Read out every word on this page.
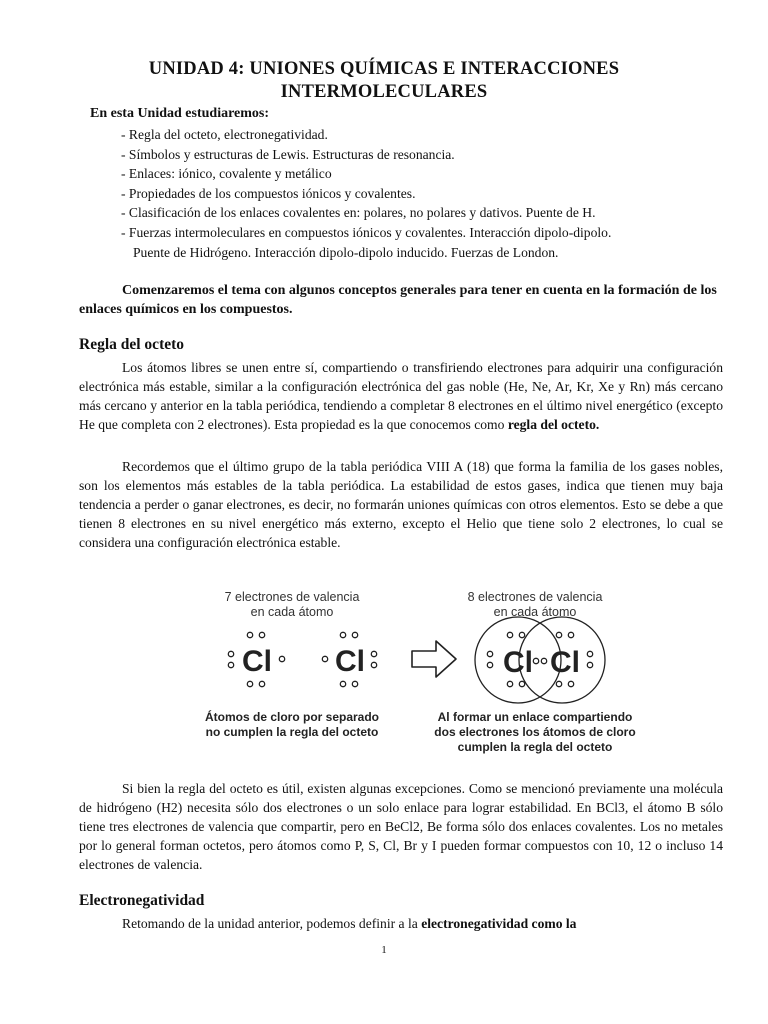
UNIDAD 4: UNIONES QUÍMICAS E INTERACCIONES
INTERMOLECULARES
En esta Unidad estudiaremos:
- Regla del octeto, electronegatividad.
- Símbolos y estructuras de Lewis. Estructuras de resonancia.
- Enlaces: iónico, covalente y metálico
- Propiedades de los compuestos iónicos y covalentes.
- Clasificación de los enlaces covalentes en: polares, no polares y dativos. Puente de H.
- Fuerzas intermoleculares en compuestos iónicos y covalentes. Interacción dipolo-dipolo.
Puente de Hidrógeno. Interacción dipolo-dipolo inducido. Fuerzas de London.
Comenzaremos el tema con algunos conceptos generales para tener en cuenta en la formación de los enlaces químicos en los compuestos.
Regla del octeto
Los átomos libres se unen entre sí, compartiendo o transfiriendo electrones para adquirir una configuración electrónica más estable, similar a la configuración electrónica del gas noble (He, Ne, Ar, Kr, Xe y Rn) más cercano más cercano y anterior en la tabla periódica, tendiendo a completar 8 electrones en el último nivel energético (excepto He que completa con 2 electrones). Esta propiedad es la que conocemos como regla del octeto.
Recordemos que el último grupo de la tabla periódica VIII A (18) que forma la familia de los gases nobles, son los elementos más estables de la tabla periódica. La estabilidad de estos gases, indica que tienen muy baja tendencia a perder o ganar electrones, es decir, no formarán uniones químicas con otros elementos. Esto se debe a que tienen 8 electrones en su nivel energético más externo, excepto el Helio que tiene solo 2 electrones, lo cual se considera una configuración electrónica estable.
7 electrones de valencia
en cada átomo
8 electrones de valencia
en cada átomo
Cl Cl	Cl Cl
Átomos de cloro por separado
no cumplen la regla del octeto
Al formar un enlace compartiendo
dos electrones los átomos de cloro
cumplen la regla del octeto
Si bien la regla del octeto es útil, existen algunas excepciones. Como se mencionó previamente una molécula de hidrógeno (H2) necesita sólo dos electrones o un solo enlace para lograr estabilidad. En BCl3, el átomo B sólo tiene tres electrones de valencia que compartir, pero en BeCl2, Be forma sólo dos enlaces covalentes. Los no metales por lo general forman octetos, pero átomos como P, S, Cl, Br y I pueden formar compuestos con 10, 12 o incluso 14 electrones de valencia.
Electronegatividad
Retomando de la unidad anterior, podemos definir a la electronegatividad como la
1
